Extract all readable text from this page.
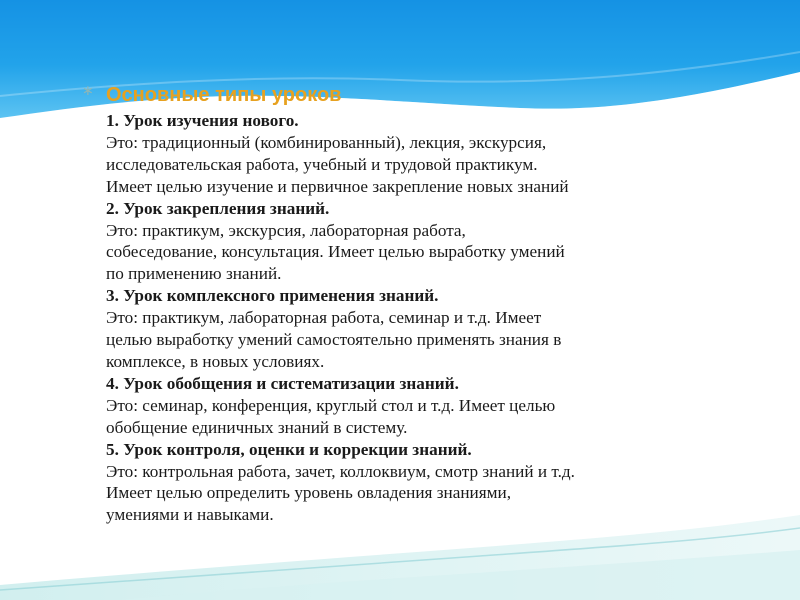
∗ Основные типы уроков
1. Урок изучения нового.
Это: традиционный (комбинированный), лекция, экскурсия,
исследовательская работа, учебный и трудовой практикум.
Имеет целью изучение и первичное закрепление новых знаний
2. Урок закрепления знаний.
Это: практикум, экскурсия, лабораторная работа,
собеседование, консультация. Имеет целью выработку умений
по применению знаний.
3. Урок комплексного применения знаний.
Это: практикум, лабораторная работа, семинар и т.д. Имеет
целью выработку умений самостоятельно применять знания в
комплексе, в новых условиях.
4. Урок обобщения и систематизации знаний.
Это: семинар, конференция, круглый стол и т.д. Имеет целью
обобщение единичных знаний в систему.
5. Урок контроля, оценки и коррекции знаний.
Это: контрольная работа, зачет, коллоквиум, смотр знаний и т.д.
Имеет целью определить уровень овладения знаниями,
умениями и навыками.
